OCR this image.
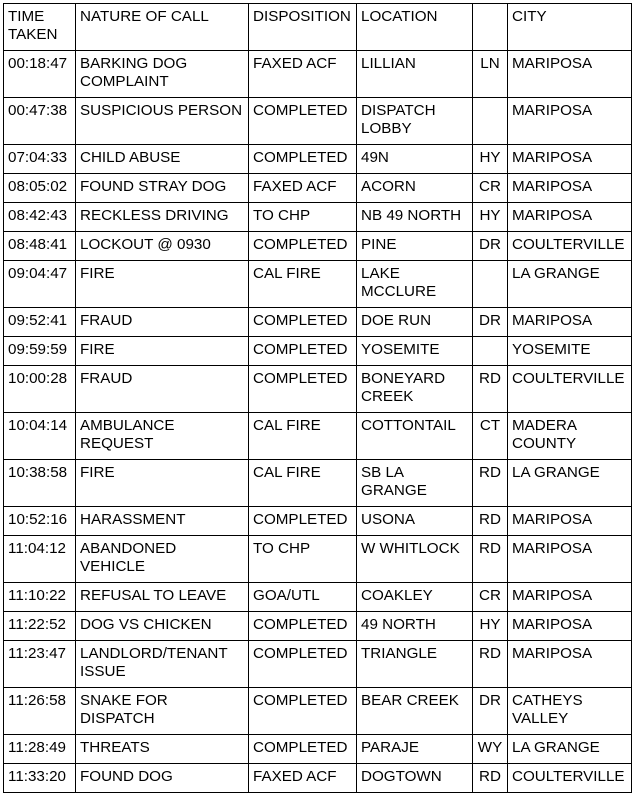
TIME TAKEN	NATURE OF CALL	DISPOSITION	LOCATION		CITY
00:18:47	BARKING DOG COMPLAINT	FAXED ACF	LILLIAN	LN	MARIPOSA
00:47:38	SUSPICIOUS PERSON	COMPLETED	DISPATCH LOBBY		MARIPOSA
07:04:33	CHILD ABUSE	COMPLETED	49N	HY	MARIPOSA
08:05:02	FOUND STRAY DOG	FAXED ACF	ACORN	CR	MARIPOSA
08:42:43	RECKLESS DRIVING	TO CHP	NB 49 NORTH	HY	MARIPOSA
08:48:41	LOCKOUT @ 0930	COMPLETED	PINE	DR	COULTERVILLE
09:04:47	FIRE	CAL FIRE	LAKE MCCLURE		LA GRANGE
09:52:41	FRAUD	COMPLETED	DOE RUN	DR	MARIPOSA
09:59:59	FIRE	COMPLETED	YOSEMITE		YOSEMITE
10:00:28	FRAUD	COMPLETED	BONEYARD CREEK	RD	COULTERVILLE
10:04:14	AMBULANCE REQUEST	CAL FIRE	COTTONTAIL	CT	MADERA COUNTY
10:38:58	FIRE	CAL FIRE	SB LA GRANGE	RD	LA GRANGE
10:52:16	HARASSMENT	COMPLETED	USONA	RD	MARIPOSA
11:04:12	ABANDONED VEHICLE	TO CHP	W WHITLOCK	RD	MARIPOSA
11:10:22	REFUSAL TO LEAVE	GOA/UTL	COAKLEY	CR	MARIPOSA
11:22:52	DOG VS CHICKEN	COMPLETED	49 NORTH	HY	MARIPOSA
11:23:47	LANDLORD/TENANT ISSUE	COMPLETED	TRIANGLE	RD	MARIPOSA
11:26:58	SNAKE FOR DISPATCH	COMPLETED	BEAR CREEK	DR	CATHEYS VALLEY
11:28:49	THREATS	COMPLETED	PARAJE	WY	LA GRANGE
11:33:20	FOUND DOG	FAXED ACF	DOGTOWN	RD	COULTERVILLE
